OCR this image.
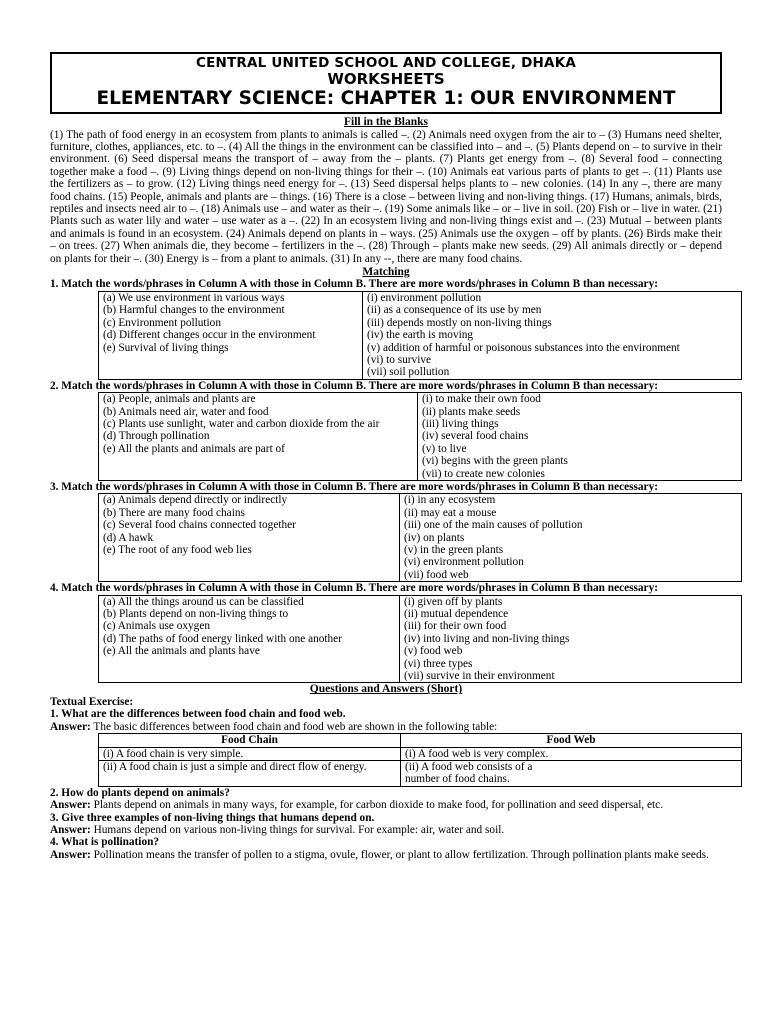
CENTRAL UNITED SCHOOL AND COLLEGE, DHAKA
WORKSHEETS
ELEMENTARY SCIENCE: CHAPTER 1: OUR ENVIRONMENT
Fill in the Blanks
(1) The path of food energy in an ecosystem from plants to animals is called –. (2) Animals need oxygen from the air to – (3) Humans need shelter, furniture, clothes, appliances, etc. to –. (4) All the things in the environment can be classified into – and –. (5) Plants depend on – to survive in their environment. (6) Seed dispersal means the transport of – away from the – plants. (7) Plants get energy from –. (8) Several food – connecting together make a food –. (9) Living things depend on non-living things for their –. (10) Animals eat various parts of plants to get –. (11) Plants use the fertilizers as – to grow. (12) Living things need energy for –. (13) Seed dispersal helps plants to – new colonies. (14) In any –, there are many food chains. (15) People, animals and plants are – things. (16) There is a close – between living and non-living things. (17) Humans, animals, birds, reptiles and insects need air to –. (18) Animals use – and water as their –. (19) Some animals like – or – live in soil. (20) Fish or – live in water. (21) Plants such as water lily and water – use water as a –. (22) In an ecosystem living and non-living things exist and –. (23) Mutual – between plants and animals is found in an ecosystem. (24) Animals depend on plants in – ways. (25) Animals use the oxygen – off by plants. (26) Birds make their – on trees. (27) When animals die, they become – fertilizers in the –. (28) Through – plants make new seeds. (29) All animals directly or – depend on plants for their –. (30) Energy is – from a plant to animals. (31) In any --, there are many food chains.
Matching
1. Match the words/phrases in Column A with those in Column B. There are more words/phrases in Column B than necessary:
(a) We use environment in various ways
(b) Harmful changes to the environment
(c) Environment pollution
(d) Different changes occur in the environment
(e) Survival of living things

(i) environment pollution
(ii) as a consequence of its use by men
(iii) depends mostly on non-living things
(iv) the earth is moving
(v) addition of harmful or poisonous substances into the environment
(vi) to survive
(vii) soil pollution
2. Match the words/phrases in Column A with those in Column B. There are more words/phrases in Column B than necessary:
(a) People, animals and plants are
(b) Animals need air, water and food
(c) Plants use sunlight, water and carbon dioxide from the air
(d) Through pollination
(e) All the plants and animals are part of

(i) to make their own food
(ii) plants make seeds
(iii) living things
(iv) several food chains
(v) to live
(vi) begins with the green plants
(vii) to create new colonies
3. Match the words/phrases in Column A with those in Column B. There are more words/phrases in Column B than necessary:
(a) Animals depend directly or indirectly
(b) There are many food chains
(c) Several food chains connected together
(d) A hawk
(e) The root of any food web lies

(i) in any ecosystem
(ii) may eat a mouse
(iii) one of the main causes of pollution
(iv) on plants
(v) in the green plants
(vi) environment pollution
(vii) food web
4. Match the words/phrases in Column A with those in Column B. There are more words/phrases in Column B than necessary:
(a) All the things around us can be classified
(b) Plants depend on non-living things to
(c) Animals use oxygen
(d) The paths of food energy linked with one another
(e) All the animals and plants have

(i) given off by plants
(ii) mutual dependence
(iii) for their own food
(iv) into living and non-living things
(v) food web
(vi) three types
(vii) survive in their environment
Questions and Answers (Short)
Textual Exercise:
1. What are the differences between food chain and food web.
Answer: The basic differences between food chain and food web are shown in the following table:
Food Chain	Food Web
(i) A food chain is very simple.	(i) A food web is very complex.
(ii) A food chain is just a simple and direct flow of energy.	(ii) A food web consists of a number of food chains.
2. How do plants depend on animals?
Answer: Plants depend on animals in many ways, for example, for carbon dioxide to make food, for pollination and seed dispersal, etc.
3. Give three examples of non-living things that humans depend on.
Answer: Humans depend on various non-living things for survival. For example: air, water and soil.
4. What is pollination?
Answer: Pollination means the transfer of pollen to a stigma, ovule, flower, or plant to allow fertilization. Through pollination plants make seeds.
